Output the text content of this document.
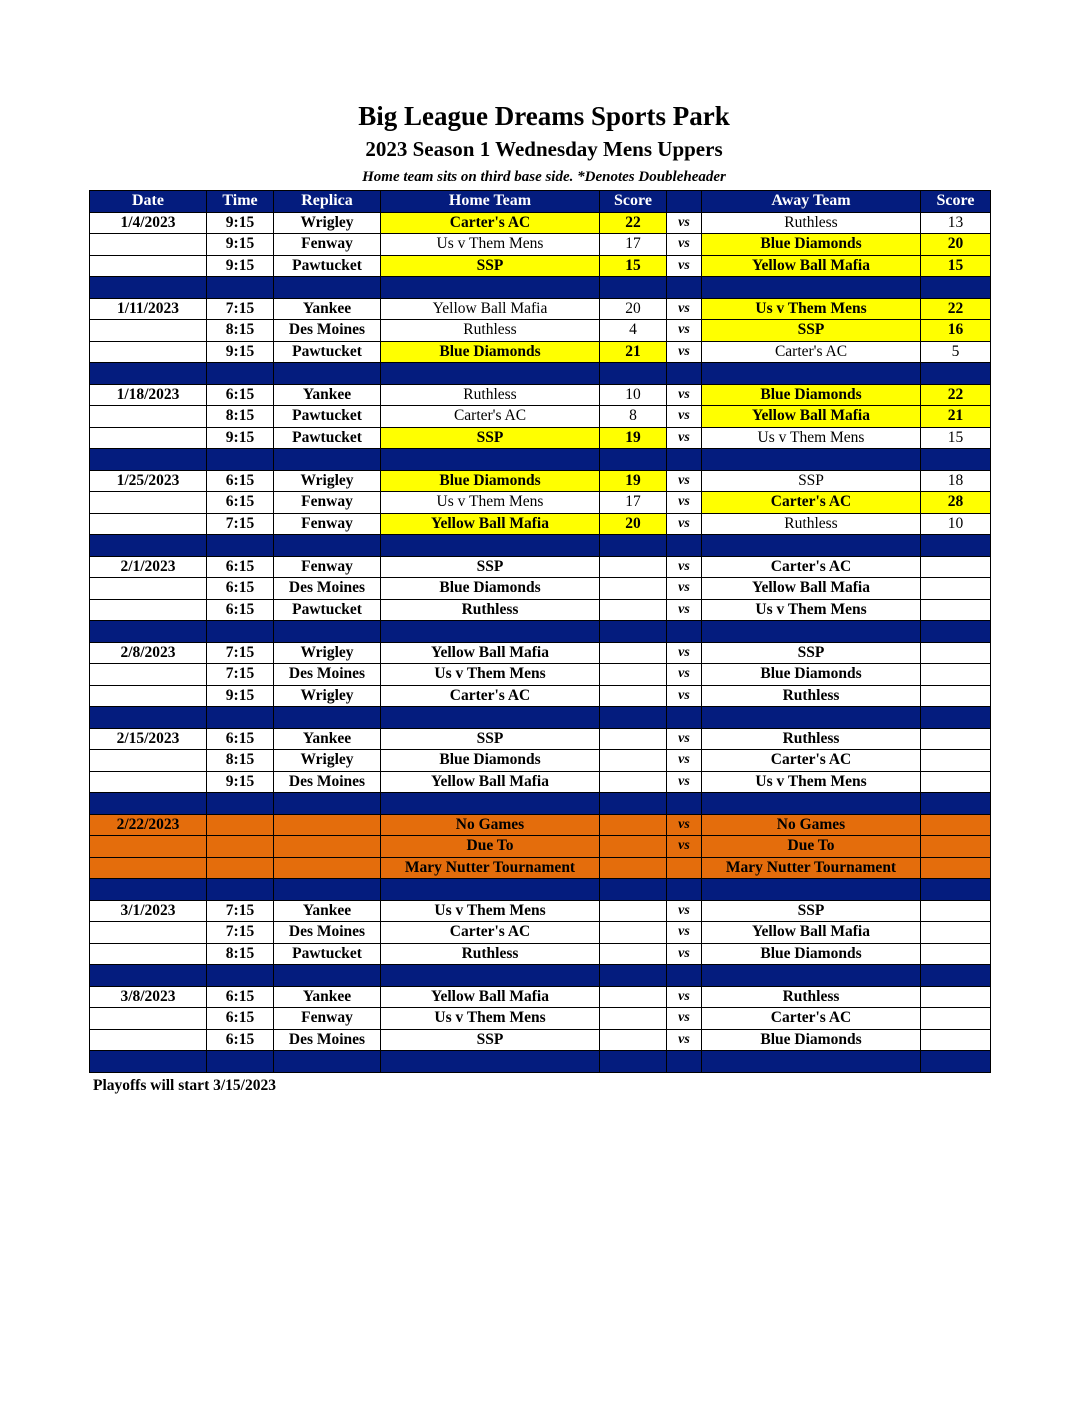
Big League Dreams Sports Park
2023 Season 1 Wednesday Mens Uppers
Home team sits on third base side. *Denotes Doubleheader
Date	Time	Replica	Home Team	Score		Away Team	Score
1/4/2023	9:15	Wrigley	Carter's AC	22	vs	Ruthless	13
	9:15	Fenway	Us v Them Mens	17	vs	Blue Diamonds	20
	9:15	Pawtucket	SSP	15	vs	Yellow Ball Mafia	15

1/11/2023	7:15	Yankee	Yellow Ball Mafia	20	vs	Us v Them Mens	22
	8:15	Des Moines	Ruthless	4	vs	SSP	16
	9:15	Pawtucket	Blue Diamonds	21	vs	Carter's AC	5

1/18/2023	6:15	Yankee	Ruthless	10	vs	Blue Diamonds	22
	8:15	Pawtucket	Carter's AC	8	vs	Yellow Ball Mafia	21
	9:15	Pawtucket	SSP	19	vs	Us v Them Mens	15

1/25/2023	6:15	Wrigley	Blue Diamonds	19	vs	SSP	18
	6:15	Fenway	Us v Them Mens	17	vs	Carter's AC	28
	7:15	Fenway	Yellow Ball Mafia	20	vs	Ruthless	10

2/1/2023	6:15	Fenway	SSP		vs	Carter's AC	
	6:15	Des Moines	Blue Diamonds		vs	Yellow Ball Mafia	
	6:15	Pawtucket	Ruthless		vs	Us v Them Mens	

2/8/2023	7:15	Wrigley	Yellow Ball Mafia		vs	SSP	
	7:15	Des Moines	Us v Them Mens		vs	Blue Diamonds	
	9:15	Wrigley	Carter's AC		vs	Ruthless	

2/15/2023	6:15	Yankee	SSP		vs	Ruthless	
	8:15	Wrigley	Blue Diamonds		vs	Carter's AC	
	9:15	Des Moines	Yellow Ball Mafia		vs	Us v Them Mens	

2/22/2023			No Games		vs	No Games	
			Due To		vs	Due To	
			Mary Nutter Tournament			Mary Nutter Tournament	

3/1/2023	7:15	Yankee	Us v Them Mens		vs	SSP	
	7:15	Des Moines	Carter's AC		vs	Yellow Ball Mafia	
	8:15	Pawtucket	Ruthless		vs	Blue Diamonds	

3/8/2023	6:15	Yankee	Yellow Ball Mafia		vs	Ruthless	
	6:15	Fenway	Us v Them Mens		vs	Carter's AC	
	6:15	Des Moines	SSP		vs	Blue Diamonds	

Playoffs will start 3/15/2023
